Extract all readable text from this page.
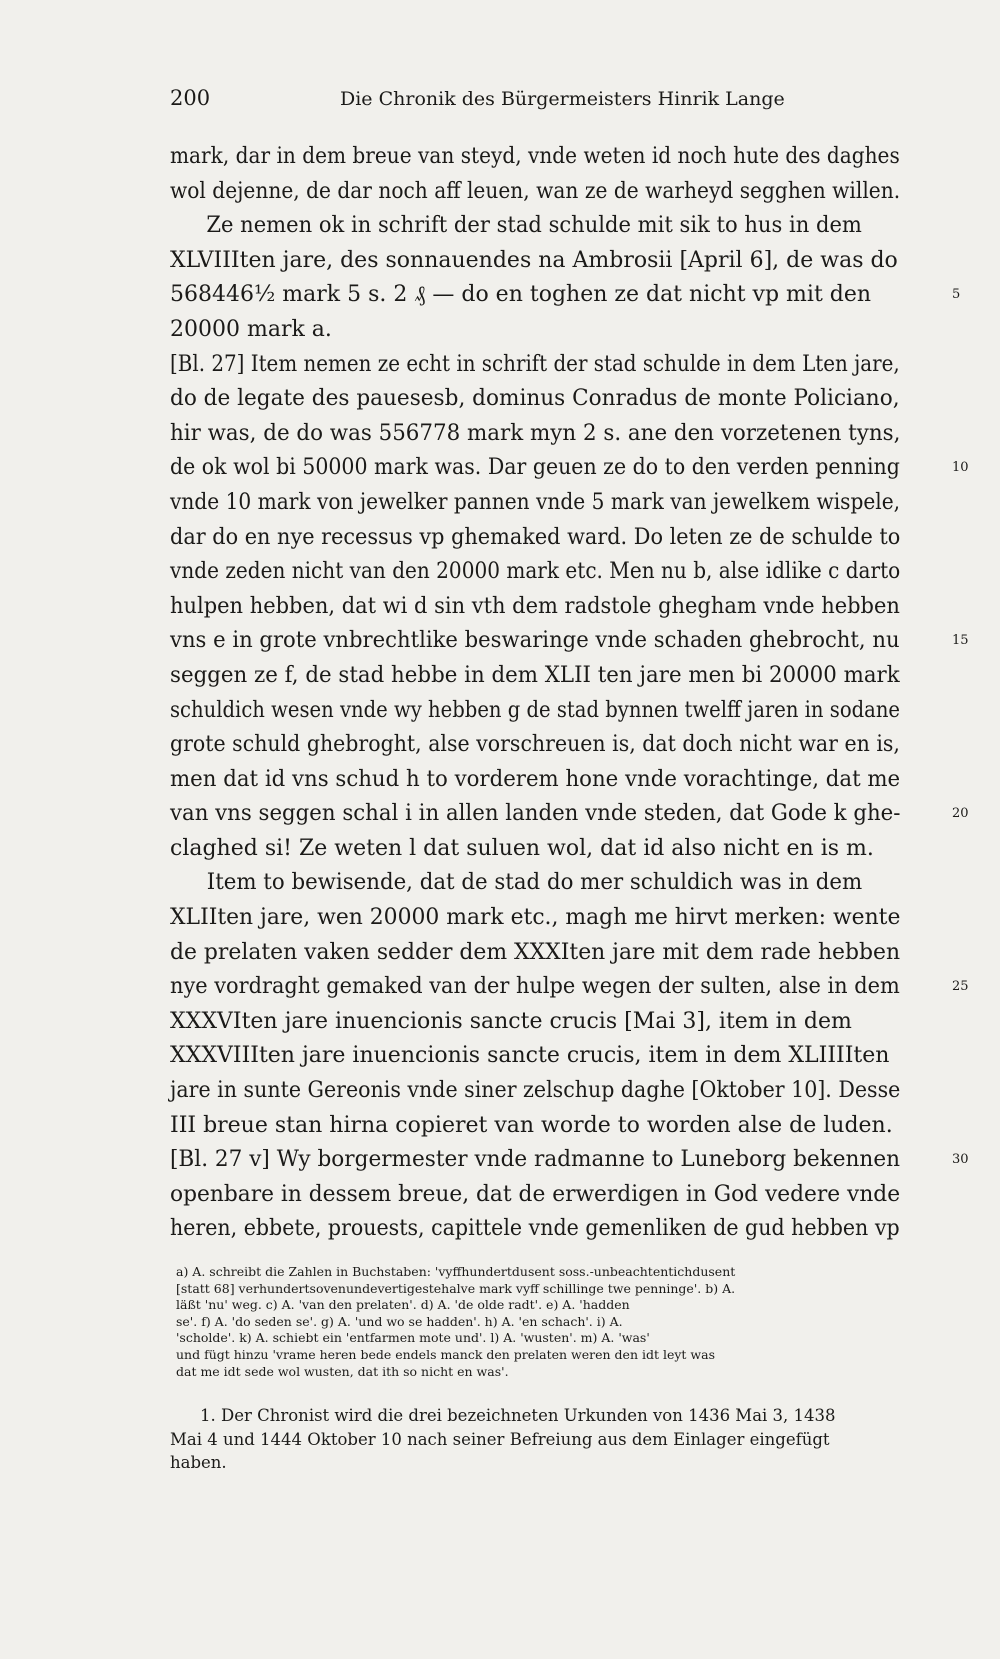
200	Die Chronik des Bürgermeisters Hinrik Lange
mark, dar in dem breue van steyd, vnde weten id noch hute des daghes
wol dejenne, de dar noch aff leuen, wan ze de warheyd segghen willen.
Ze nemen ok in schrift der stad schulde mit sik to hus in dem
XLVIIIten jare, des sonnauendes na Ambrosii [April 6], de was do
568446½ mark 5 s. 2 ₰ — do en toghen ze dat nicht vp mit den	5
20000 mark a.
[Bl. 27] Item nemen ze echt in schrift der stad schulde in dem Lten jare,
do de legate des pauesesb, dominus Conradus de monte Policiano,
hir was, de do was 556778 mark myn 2 s. ane den vorzetenen tyns,
de ok wol bi 50000 mark was. Dar geuen ze do to den verden penning	10
vnde 10 mark von jewelker pannen vnde 5 mark van jewelkem wispele,
dar do en nye recessus vp ghemaked ward. Do leten ze de schulde to
vnde zeden nicht van den 20000 mark etc. Men nu b, alse idlike c darto
hulpen hebben, dat wi d sin vth dem radstole ghegham vnde hebben
vns e in grote vnbrechtlike beswaringe vnde schaden ghebrocht, nu	15
seggen ze f, de stad hebbe in dem XLII ten jare men bi 20000 mark
schuldich wesen vnde wy hebben g de stad bynnen twelff jaren in sodane
grote schuld ghebroght, alse vorschreuen is, dat doch nicht war en is,
men dat id vns schud h to vorderem hone vnde vorachtinge, dat me
van vns seggen schal i in allen landen vnde steden, dat Gode k ghe-	20
claghed si! Ze weten l dat suluen wol, dat id also nicht en is m.
Item to bewisende, dat de stad do mer schuldich was in dem
XLIIten jare, wen 20000 mark etc., magh me hirvt merken: wente
de prelaten vaken sedder dem XXXIten jare mit dem rade hebben
nye vordraght gemaked van der hulpe wegen der sulten, alse in dem	25
XXXVIten jare inuencionis sancte crucis [Mai 3], item in dem
XXXVIIIten jare inuencionis sancte crucis, item in dem XLIIIIten
jare in sunte Gereonis vnde siner zelschup daghe [Oktober 10]. Desse
III breue stan hirna copieret van worde to worden alse de luden.
[Bl. 27 v] Wy borgermester vnde radmanne to Luneborg bekennen	30
openbare in dessem breue, dat de erwerdigen in God vedere vnde
heren, ebbete, prouests, capittele vnde gemenliken de gud hebben vp
a) A. schreibt die Zahlen in Buchstaben: 'vyffhundertdusent soss.-unbeachtentichdusent
[statt 68] verhundertsovenundevertigestehalve mark vyff schillinge twe penninge'. b) A.
läßt 'nu' weg. c) A. 'van den prelaten'. d) A. 'de olde radt'. e) A. 'hadden
se'. f) A. 'do seden se'. g) A. 'und wo se hadden'. h) A. 'en schach'. i) A.
'scholde'. k) A. schiebt ein 'entfarmen mote und'. l) A. 'wusten'. m) A. 'was'
und fügt hinzu 'vrame heren bede endels manck den prelaten weren den idt leyt was
dat me idt sede wol wusten, dat ith so nicht en was'.
1. Der Chronist wird die drei bezeichneten Urkunden von 1436 Mai 3, 1438
Mai 4 und 1444 Oktober 10 nach seiner Befreiung aus dem Einlager eingefügt
haben.
